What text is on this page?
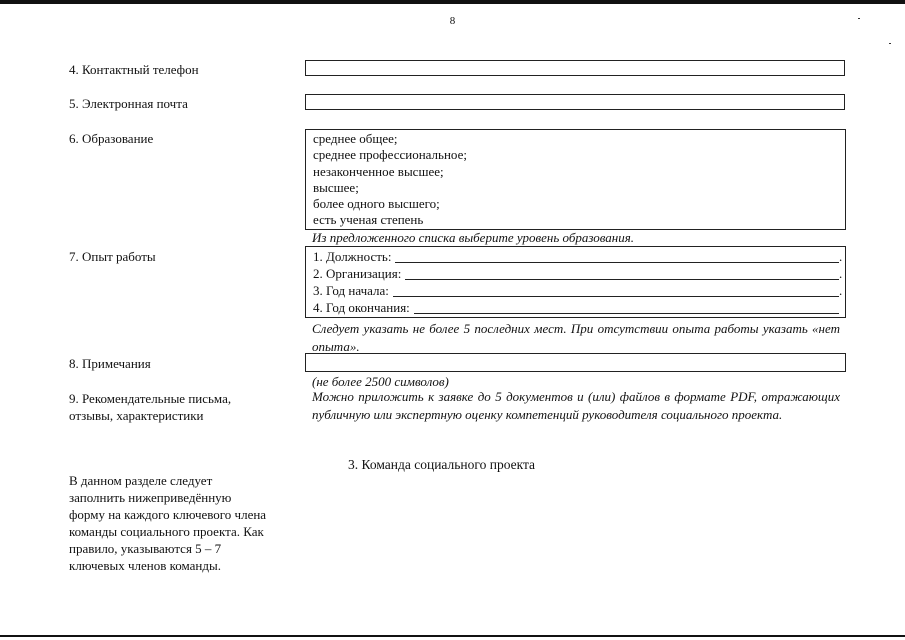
8
4. Контактный телефон
5. Электронная почта
6. Образование	среднее общее;
среднее профессиональное;
незаконченное высшее;
высшее;
более одного высшего;
есть ученая степень
Из предложенного списка выберите уровень образования.
7. Опыт работы	1. Должность:	.
2. Организация:	.
3. Год начала:	.
4. Год окончания:
Следует указать не более 5 последних мест. При отсутствии опыта работы указать «нет опыта».
8. Примечания
(не более 2500 символов)
9. Рекомендательные письма,
отзывы, характеристики
Можно приложить к заявке до 5 документов и (или) файлов в формате PDF, отражающих публичную или экспертную оценку компетенций руководителя социального проекта.
3. Команда социального проекта
В данном разделе следует
заполнить нижеприведённую
форму на каждого ключевого члена
команды социального проекта. Как
правило, указываются 5 – 7
ключевых членов команды.
